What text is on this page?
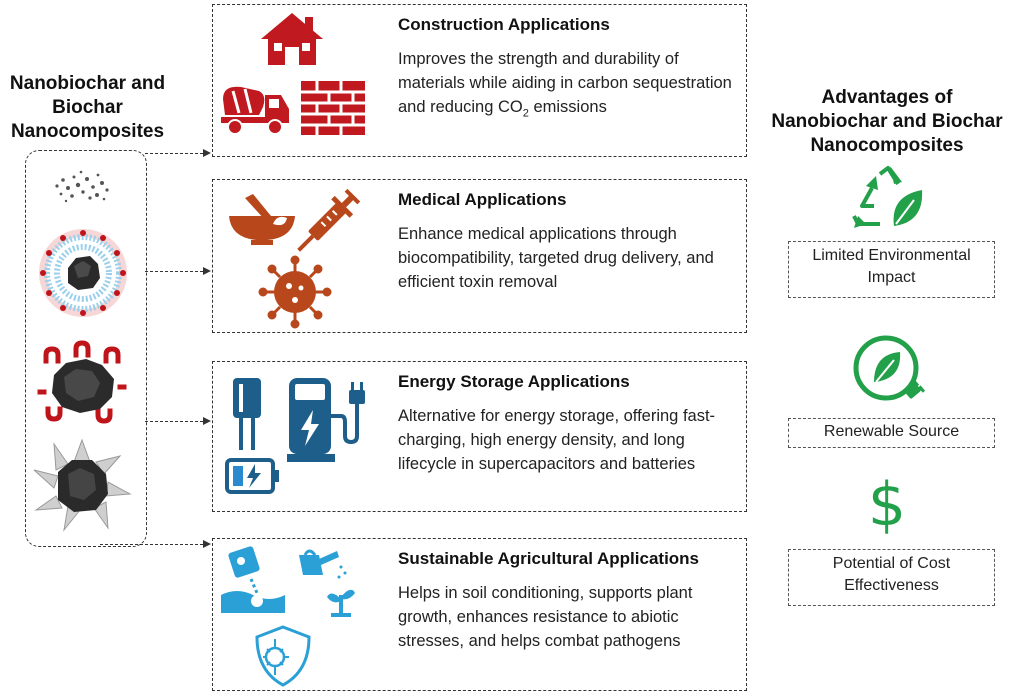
Nanobiochar and
Biochar
Nanocomposites
Construction Applications
Improves the strength and durability of materials while aiding in carbon sequestration and reducing $CO_2$ emissions
Medical Applications
Enhance medical applications through biocompatibility, targeted drug delivery, and efficient toxin removal
Energy Storage Applications
Alternative for energy storage, offering fast-charging, high energy density, and long lifecycle in supercapacitors and batteries
Sustainable Agricultural Applications
Helps in soil conditioning, supports plant growth, enhances resistance to abiotic stresses, and helps combat pathogens
Advantages of
Nanobiochar and Biochar
Nanocomposites
Limited Environmental Impact
Renewable Source
$
Potential of Cost Effectiveness
